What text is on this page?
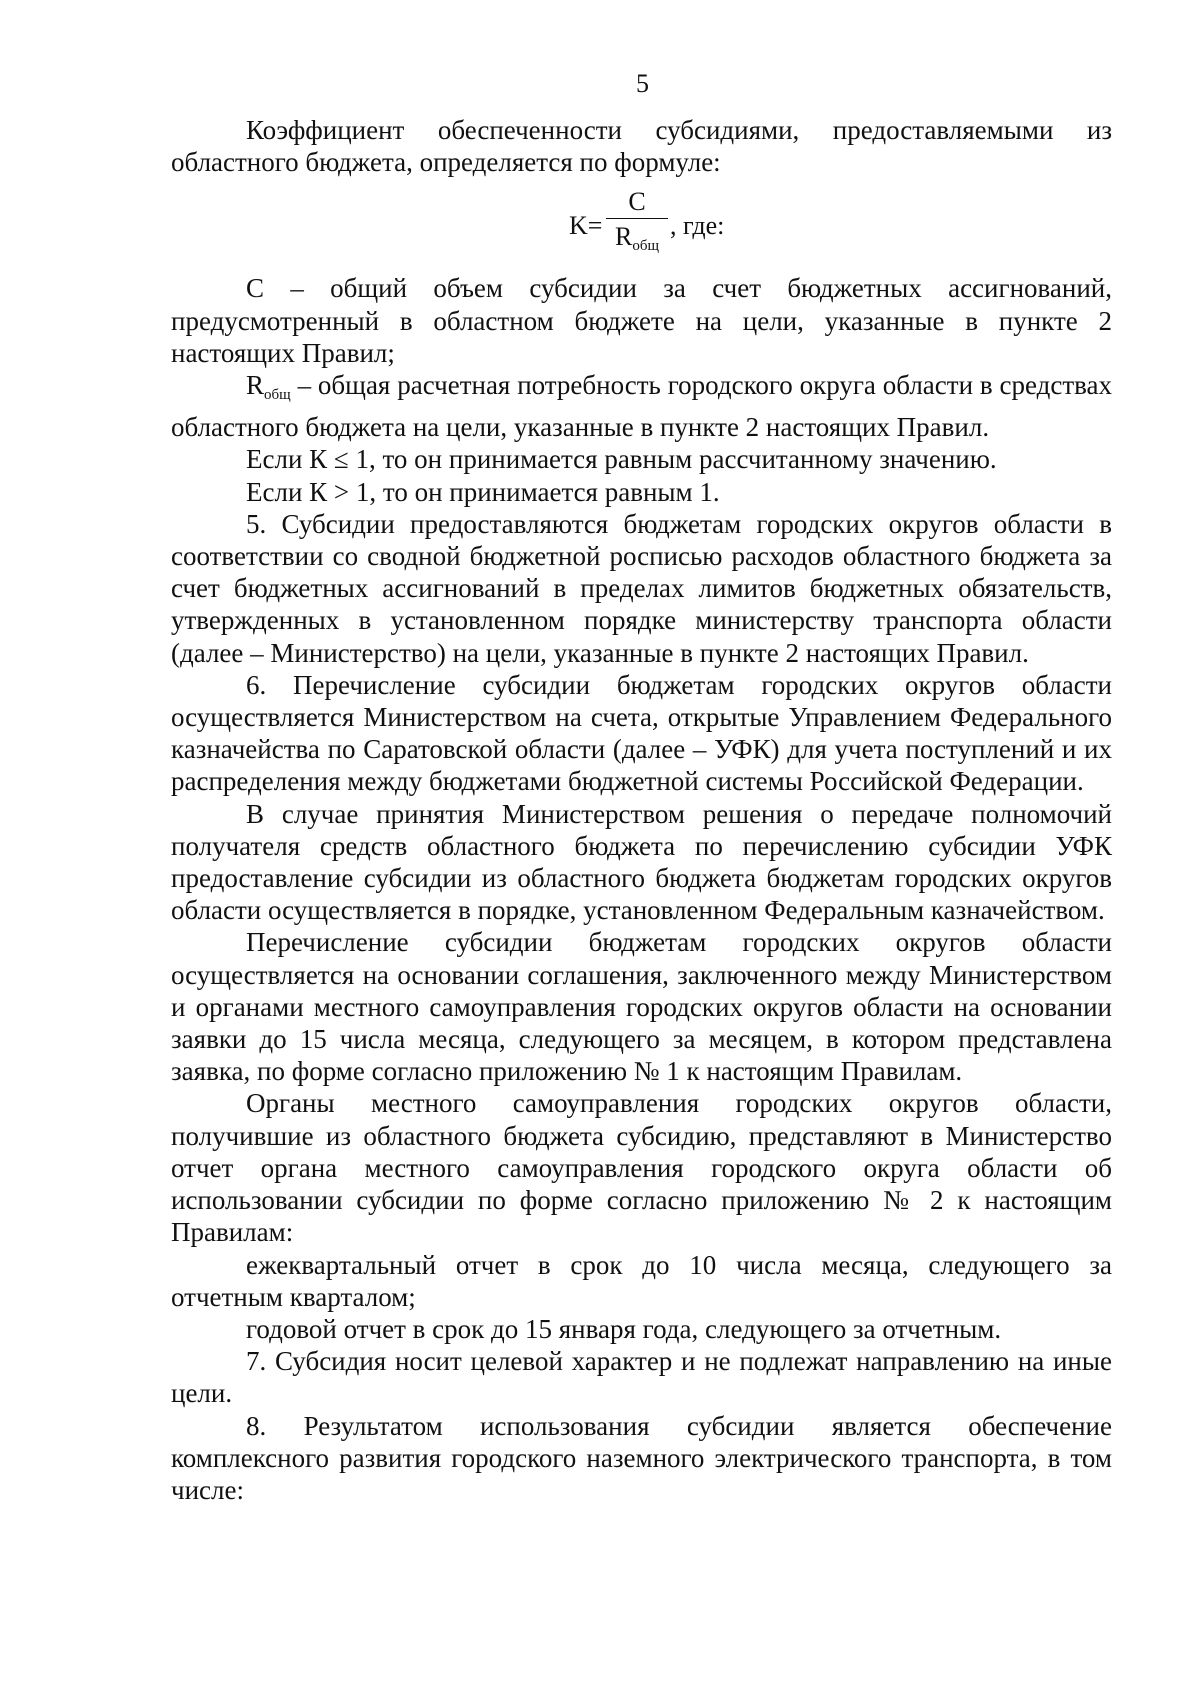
5

Коэффициент обеспеченности субсидиями, предоставляемыми из областного бюджета, определяется по формуле:

K=
C
$R_{общ}$
, где:

С – общий объем субсидии за счет бюджетных ассигнований, предусмотренный в областном бюджете на цели, указанные в пункте 2 настоящих Правил;

$R_{общ}$ – общая расчетная потребность городского округа области в средствах областного бюджета на цели, указанные в пункте 2 настоящих Правил.

Если К ≤ 1, то он принимается равным рассчитанному значению.

Если К > 1, то он принимается равным 1.

5. Субсидии предоставляются бюджетам городских округов области в соответствии со сводной бюджетной росписью расходов областного бюджета за счет бюджетных ассигнований в пределах лимитов бюджетных обязательств, утвержденных в установленном порядке министерству транспорта области (далее – Министерство) на цели, указанные в пункте 2 настоящих Правил.

6. Перечисление субсидии бюджетам городских округов области осуществляется Министерством на счета, открытые Управлением Федерального казначейства по Саратовской области (далее – УФК) для учета поступлений и их распределения между бюджетами бюджетной системы Российской Федерации.

В случае принятия Министерством решения о передаче полномочий получателя средств областного бюджета по перечислению субсидии УФК предоставление субсидии из областного бюджета бюджетам городских округов области осуществляется в порядке, установленном Федеральным казначейством.

Перечисление субсидии бюджетам городских округов области осуществляется на основании соглашения, заключенного между Министерством и органами местного самоуправления городских округов области на основании заявки до 15 числа месяца, следующего за месяцем, в котором представлена заявка, по форме согласно приложению № 1 к настоящим Правилам.

Органы местного самоуправления городских округов области, получившие из областного бюджета субсидию, представляют в Министерство отчет органа местного самоуправления городского округа области об использовании субсидии по форме согласно приложению № 2 к настоящим Правилам:

ежеквартальный отчет в срок до 10 числа месяца, следующего за отчетным кварталом;

годовой отчет в срок до 15 января года, следующего за отчетным.

7. Субсидия носит целевой характер и не подлежат направлению на иные цели.

8. Результатом использования субсидии является обеспечение комплексного развития городского наземного электрического транспорта, в том числе:
